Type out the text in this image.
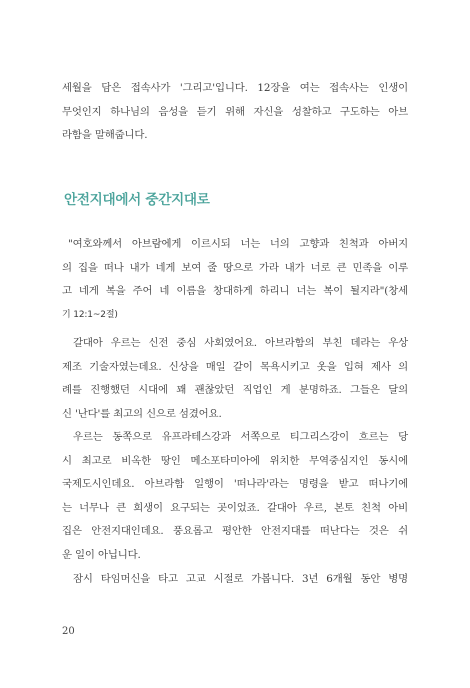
세월을 담은 접속사가 '그리고'입니다. 12장을 여는 접속사는 인생이
무엇인지 하나님의 음성을 듣기 위해 자신을 성찰하고 구도하는 아브
라함을 말해줍니다.

안전지대에서 중간지대로

"여호와께서 아브람에게 이르시되 너는 너의 고향과 친척과 아버지
의 집을 떠나 내가 네게 보여 줄 땅으로 가라 내가 너로 큰 민족을 이루
고 네게 복을 주어 네 이름을 창대하게 하리니 너는 복이 될지라"(창세
기 12:1~2절)

갈대아 우르는 신전 중심 사회였어요. 아브라함의 부친 데라는 우상
제조 기술자였는데요. 신상을 매일 갈이 목욕시키고 옷을 입혀 제사 의
례를 진행했던 시대에 꽤 괜찮았던 직업인 게 분명하죠. 그들은 달의
신 '난다'를 최고의 신으로 섬겼어요.

우르는 동쪽으로 유프라테스강과 서쪽으로 티그리스강이 흐르는 당
시 최고로 비옥한 땅인 메소포타미아에 위치한 무역중심지인 동시에
국제도시인데요. 아브라함 일행이 '떠나라'라는 명령을 받고 떠나기에
는 너무나 큰 희생이 요구되는 곳이었죠. 갈대아 우르, 본토 친척 아비
집은 안전지대인데요. 풍요롭고 평안한 안전지대를 떠난다는 것은 쉬
운 일이 아닙니다.

잠시 타임머신을 타고 고교 시절로 가봅니다. 3년 6개월 동안 병명

20
